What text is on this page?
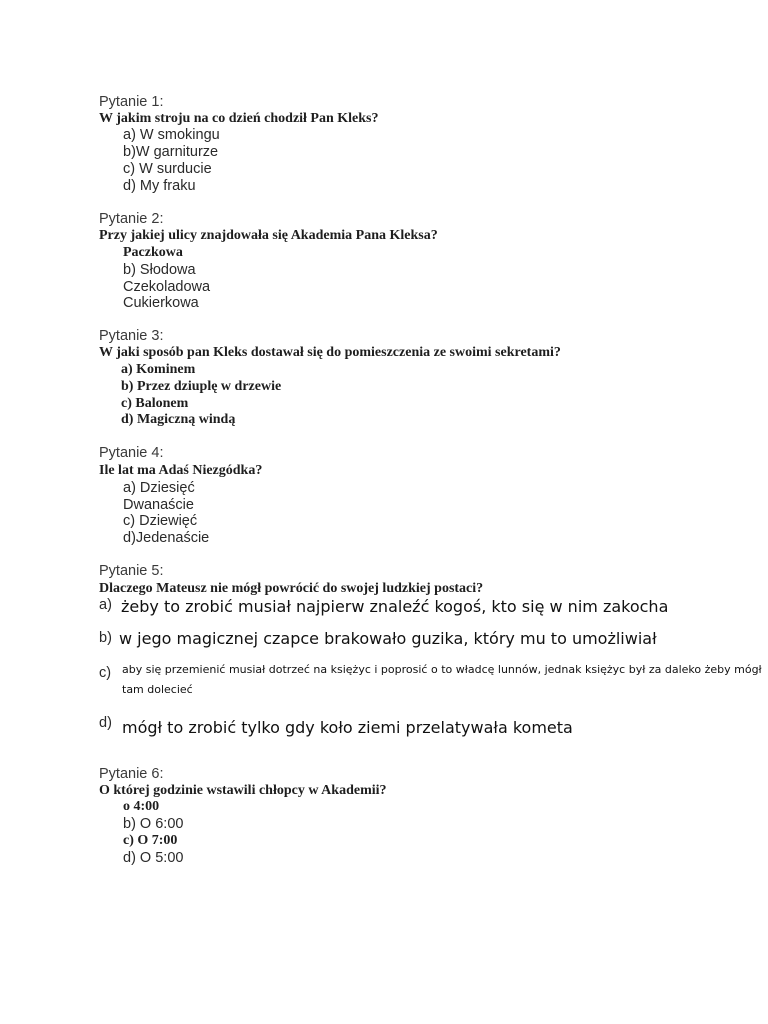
Pytanie 1:
W jakim stroju na co dzień chodził Pan Kleks?
a) W smokingu
b)W garniturze
c) W surducie
d) My fraku
Pytanie 2:
Przy jakiej ulicy znajdowała się Akademia Pana Kleksa?
Paczkowa
b) Słodowa
Czekoladowa
Cukierkowa
Pytanie 3:
W jaki sposób pan Kleks dostawał się do pomieszczenia ze swoimi sekretami?
a) Kominem
b) Przez dziuplę w drzewie
c) Balonem
d) Magiczną windą
Pytanie 4:
Ile lat ma Adaś Niezgódka?
a) Dziesięć
Dwanaście
c) Dziewięć
d)Jedenaście
Pytanie 5:
Dlaczego Mateusz nie mógł powrócić do swojej ludzkiej postaci?
a) żeby to zrobić musiał najpierw znaleźć kogoś, kto się w nim zakocha
b) w jego magicznej czapce brakowało guzika, który mu to umożliwiał
c) aby się przemienić musiał dotrzeć na księżyc i poprosić o to władcę lunnów, jednak księżyc był za daleko żeby mógł
tam dolecieć
d) mógł to zrobić tylko gdy koło ziemi przelatywała kometa
Pytanie 6:
O której godzinie wstawili chłopcy w Akademii?
o 4:00
b) O 6:00
c) O 7:00
d) O 5:00
